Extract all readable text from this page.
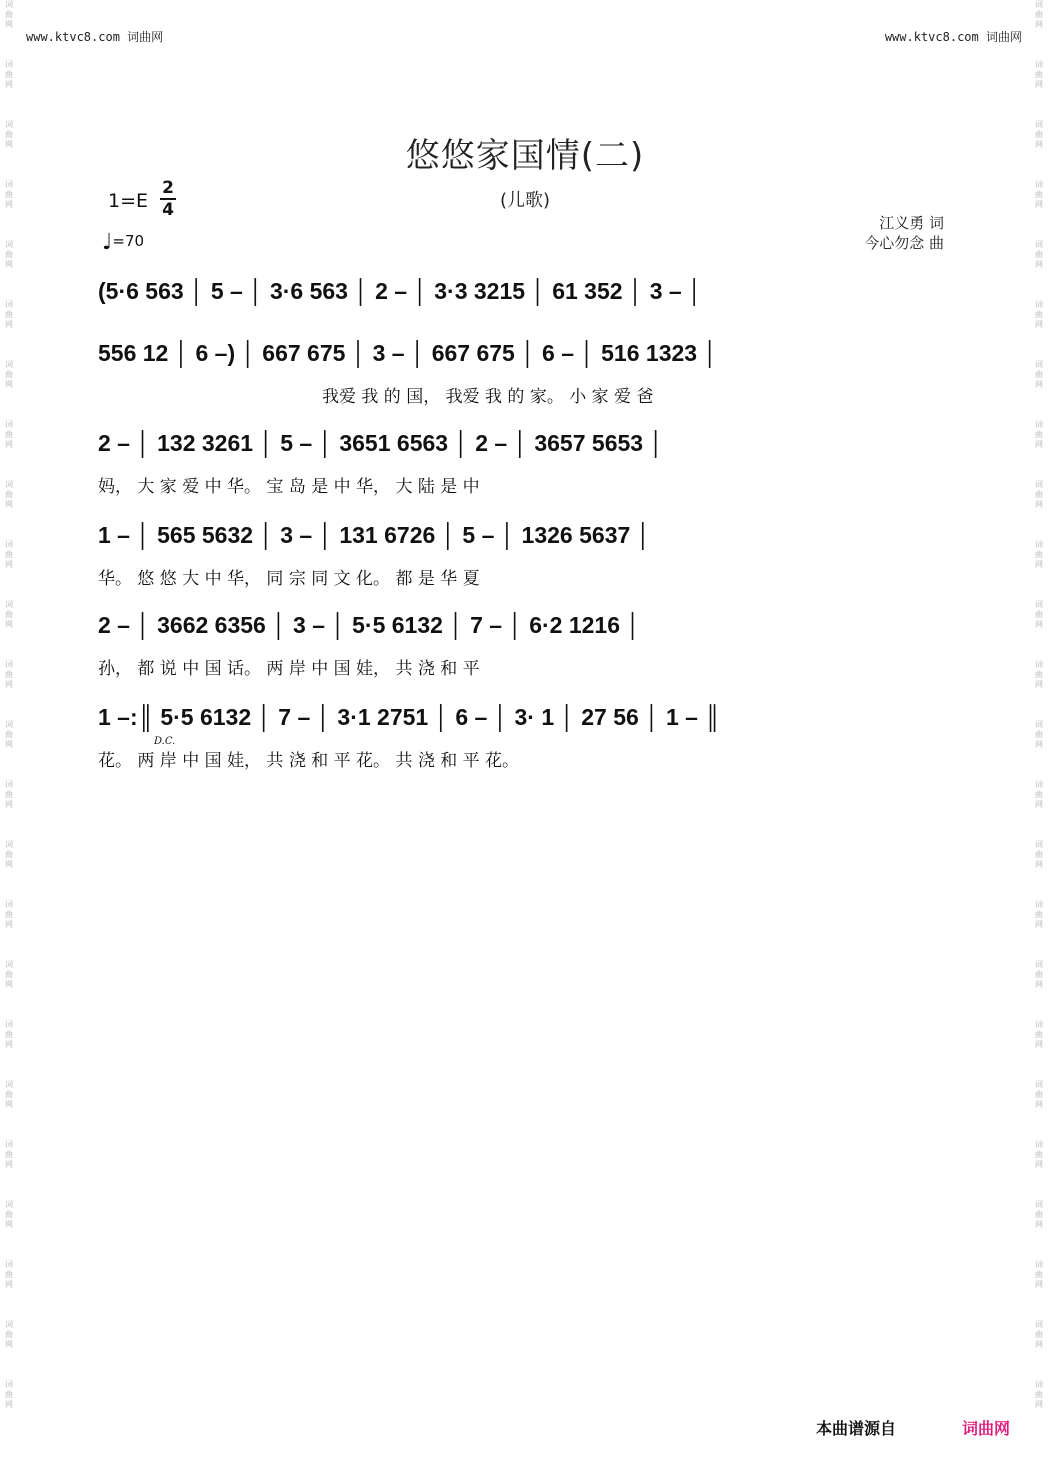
词曲网
词曲网
词曲网
词曲网
词曲网
词曲网
词曲网
词曲网
词曲网
词曲网
词曲网
词曲网
词曲网
词曲网
词曲网
词曲网
词曲网
词曲网
词曲网
词曲网
词曲网
词曲网
词曲网
词曲网
词曲网
词曲网
词曲网
词曲网
词曲网
词曲网
词曲网
词曲网
词曲网
词曲网
词曲网
词曲网
词曲网
词曲网
词曲网
词曲网
词曲网
词曲网
词曲网
词曲网
词曲网
词曲网
词曲网
词曲网
www.ktvc8.com 词曲网	www.ktvc8.com 词曲网
悠悠家国情(二)
(儿歌)
1=E
2
4
♩=70
江义勇 词
今心勿念 曲
(5·6 563 │ 5 – │ 3·6 563 │ 2 – │ 3·3 3215 │ 61 352 │ 3 – │
556 12 │ 6 –) │ 667 675 │ 3 – │ 667 675 │ 6 – │ 516 1323 │
我爱 我 的 国， 我爱 我 的 家。 小 家 爱 爸
2 – │ 132 3261 │ 5 – │ 3651 6563 │ 2 – │ 3657 5653 │
妈， 大 家 爱 中 华。 宝 岛 是 中 华， 大 陆 是 中
1 – │ 565 5632 │ 3 – │ 131 6726 │ 5 – │ 1326 5637 │
华。 悠 悠 大 中 华， 同 宗 同 文 化。 都 是 华 夏
2 – │ 3662 6356 │ 3 – │ 5·5 6132 │ 7 – │ 6·2 1216 │
孙， 都 说 中 国 话。 两 岸 中 国 娃， 共 浇 和 平
1 –:║ 5·5 6132 │ 7 – │ 3·1 2751 │ 6 – │ 3· 1 │ 27 56 │ 1 – ║
D.C.
花。 两 岸 中 国 娃， 共 浇 和 平 花。 共 浇 和 平 花。
本曲谱源自	词曲网
